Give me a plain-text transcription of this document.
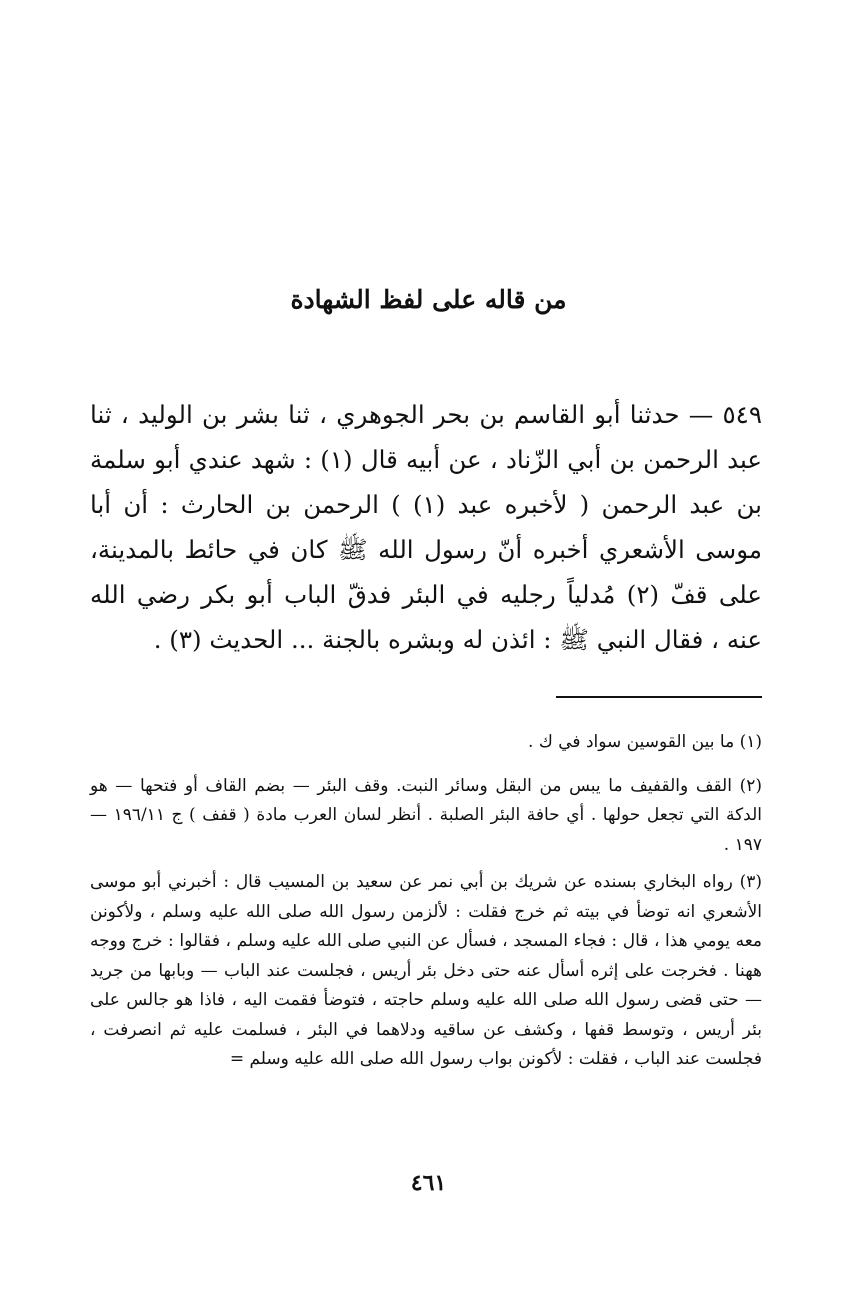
من قاله على لفظ الشهادة
٥٤٩ — حدثنا أبو القاسم بن بحر الجوهري ، ثنا بشر بن الوليد ، ثنا عبد الرحمن بن أبي الزّناد ، عن أبيه قال (١) : شهد عندي أبو سلمة بن عبد الرحمن ( لأخبره عبد (١) ) الرحمن بن الحارث : أن أبا موسى الأشعري أخبره أنّ رسول الله ﷺ كان في حائط بالمدينة، على قفّ (٢) مُدلياً رجليه في البئر فدقّ الباب أبو بكر رضي الله عنه ، فقال النبي ﷺ : ائذن له وبشره بالجنة ... الحديث (٣) .

(١) ما بين القوسين سواد في ك .

(٢) القف والقفيف ما يبس من البقل وسائر النبت. وقف البئر — بضم القاف أو فتحها — هو الدكة التي تجعل حولها . أي حافة البئر الصلبة . أنظر لسان العرب مادة ( قفف ) ج ١٩٦/١١ — ١٩٧ .

(٣) رواه البخاري بسنده عن شريك بن أبي نمر عن سعيد بن المسيب قال : أخبرني أبو موسى الأشعري انه توضأ في بيته ثم خرج فقلت : لألزمن رسول الله صلى الله عليه وسلم ، ولأكونن معه يومي هذا ، قال : فجاء المسجد ، فسأل عن النبي صلى الله عليه وسلم ، فقالوا : خرج ووجه ههنا . فخرجت على إثره أسأل عنه حتى دخل بئر أريس ، فجلست عند الباب — وبابها من جريد — حتى قضى رسول الله صلى الله عليه وسلم حاجته ، فتوضأ فقمت اليه ، فاذا هو جالس على بئر أريس ، وتوسط قفها ، وكشف عن ساقيه ودلاهما في البئر ، فسلمت عليه ثم انصرفت ، فجلست عند الباب ، فقلت : لأكونن بواب رسول الله صلى الله عليه وسلم =

٤٦١
